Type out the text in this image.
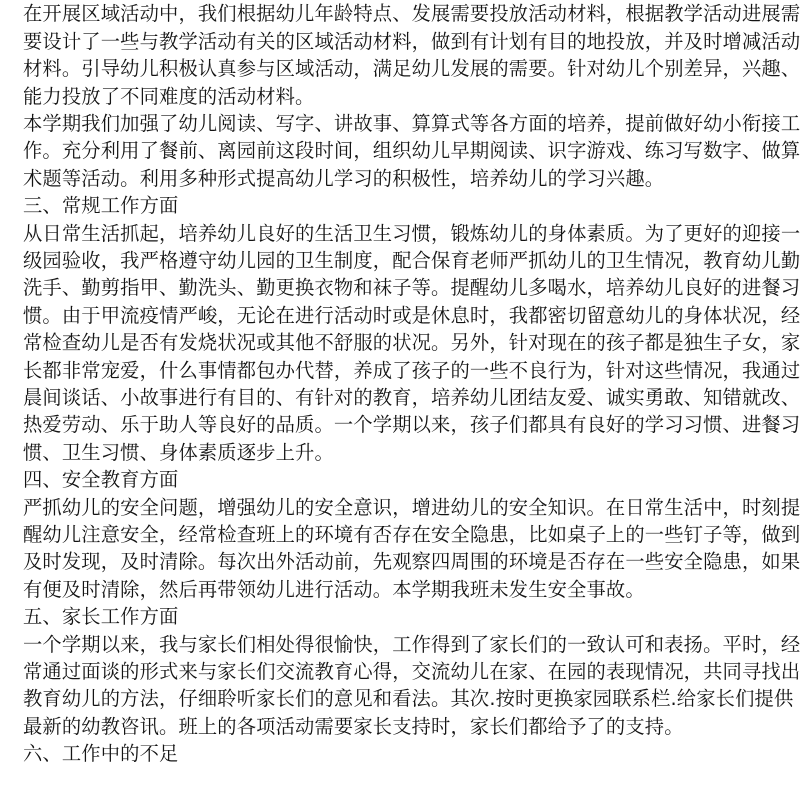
在开展区域活动中，我们根据幼儿年龄特点、发展需要投放活动材料，根据教学活动进展需
要设计了一些与教学活动有关的区域活动材料，做到有计划有目的地投放，并及时增减活动
材料。引导幼儿积极认真参与区域活动，满足幼儿发展的需要。针对幼儿个别差异，兴趣、
能力投放了不同难度的活动材料。
本学期我们加强了幼儿阅读、写字、讲故事、算算式等各方面的培养，提前做好幼小衔接工
作。充分利用了餐前、离园前这段时间，组织幼儿早期阅读、识字游戏、练习写数字、做算
术题等活动。利用多种形式提高幼儿学习的积极性，培养幼儿的学习兴趣。
三、常规工作方面
从日常生活抓起，培养幼儿良好的生活卫生习惯，锻炼幼儿的身体素质。为了更好的迎接一
级园验收，我严格遵守幼儿园的卫生制度，配合保育老师严抓幼儿的卫生情况，教育幼儿勤
洗手、勤剪指甲、勤洗头、勤更换衣物和袜子等。提醒幼儿多喝水，培养幼儿良好的进餐习
惯。由于甲流疫情严峻，无论在进行活动时或是休息时，我都密切留意幼儿的身体状况，经
常检查幼儿是否有发烧状况或其他不舒服的状况。另外，针对现在的孩子都是独生子女，家
长都非常宠爱，什么事情都包办代替，养成了孩子的一些不良行为，针对这些情况，我通过
晨间谈话、小故事进行有目的、有针对的教育，培养幼儿团结友爱、诚实勇敢、知错就改、
热爱劳动、乐于助人等良好的品质。一个学期以来，孩子们都具有良好的学习习惯、进餐习
惯、卫生习惯、身体素质逐步上升。
四、安全教育方面
严抓幼儿的安全问题，增强幼儿的安全意识，增进幼儿的安全知识。在日常生活中，时刻提
醒幼儿注意安全，经常检查班上的环境有否存在安全隐患，比如桌子上的一些钉子等，做到
及时发现，及时清除。每次出外活动前，先观察四周围的环境是否存在一些安全隐患，如果
有便及时清除，然后再带领幼儿进行活动。本学期我班未发生安全事故。
五、家长工作方面
一个学期以来，我与家长们相处得很愉快，工作得到了家长们的一致认可和表扬。平时，经
常通过面谈的形式来与家长们交流教育心得，交流幼儿在家、在园的表现情况，共同寻找出
教育幼儿的方法，仔细聆听家长们的意见和看法。其次.按时更换家园联系栏.给家长们提供
最新的幼教咨讯。班上的各项活动需要家长支持时，家长们都给予了的支持。
六、工作中的不足
